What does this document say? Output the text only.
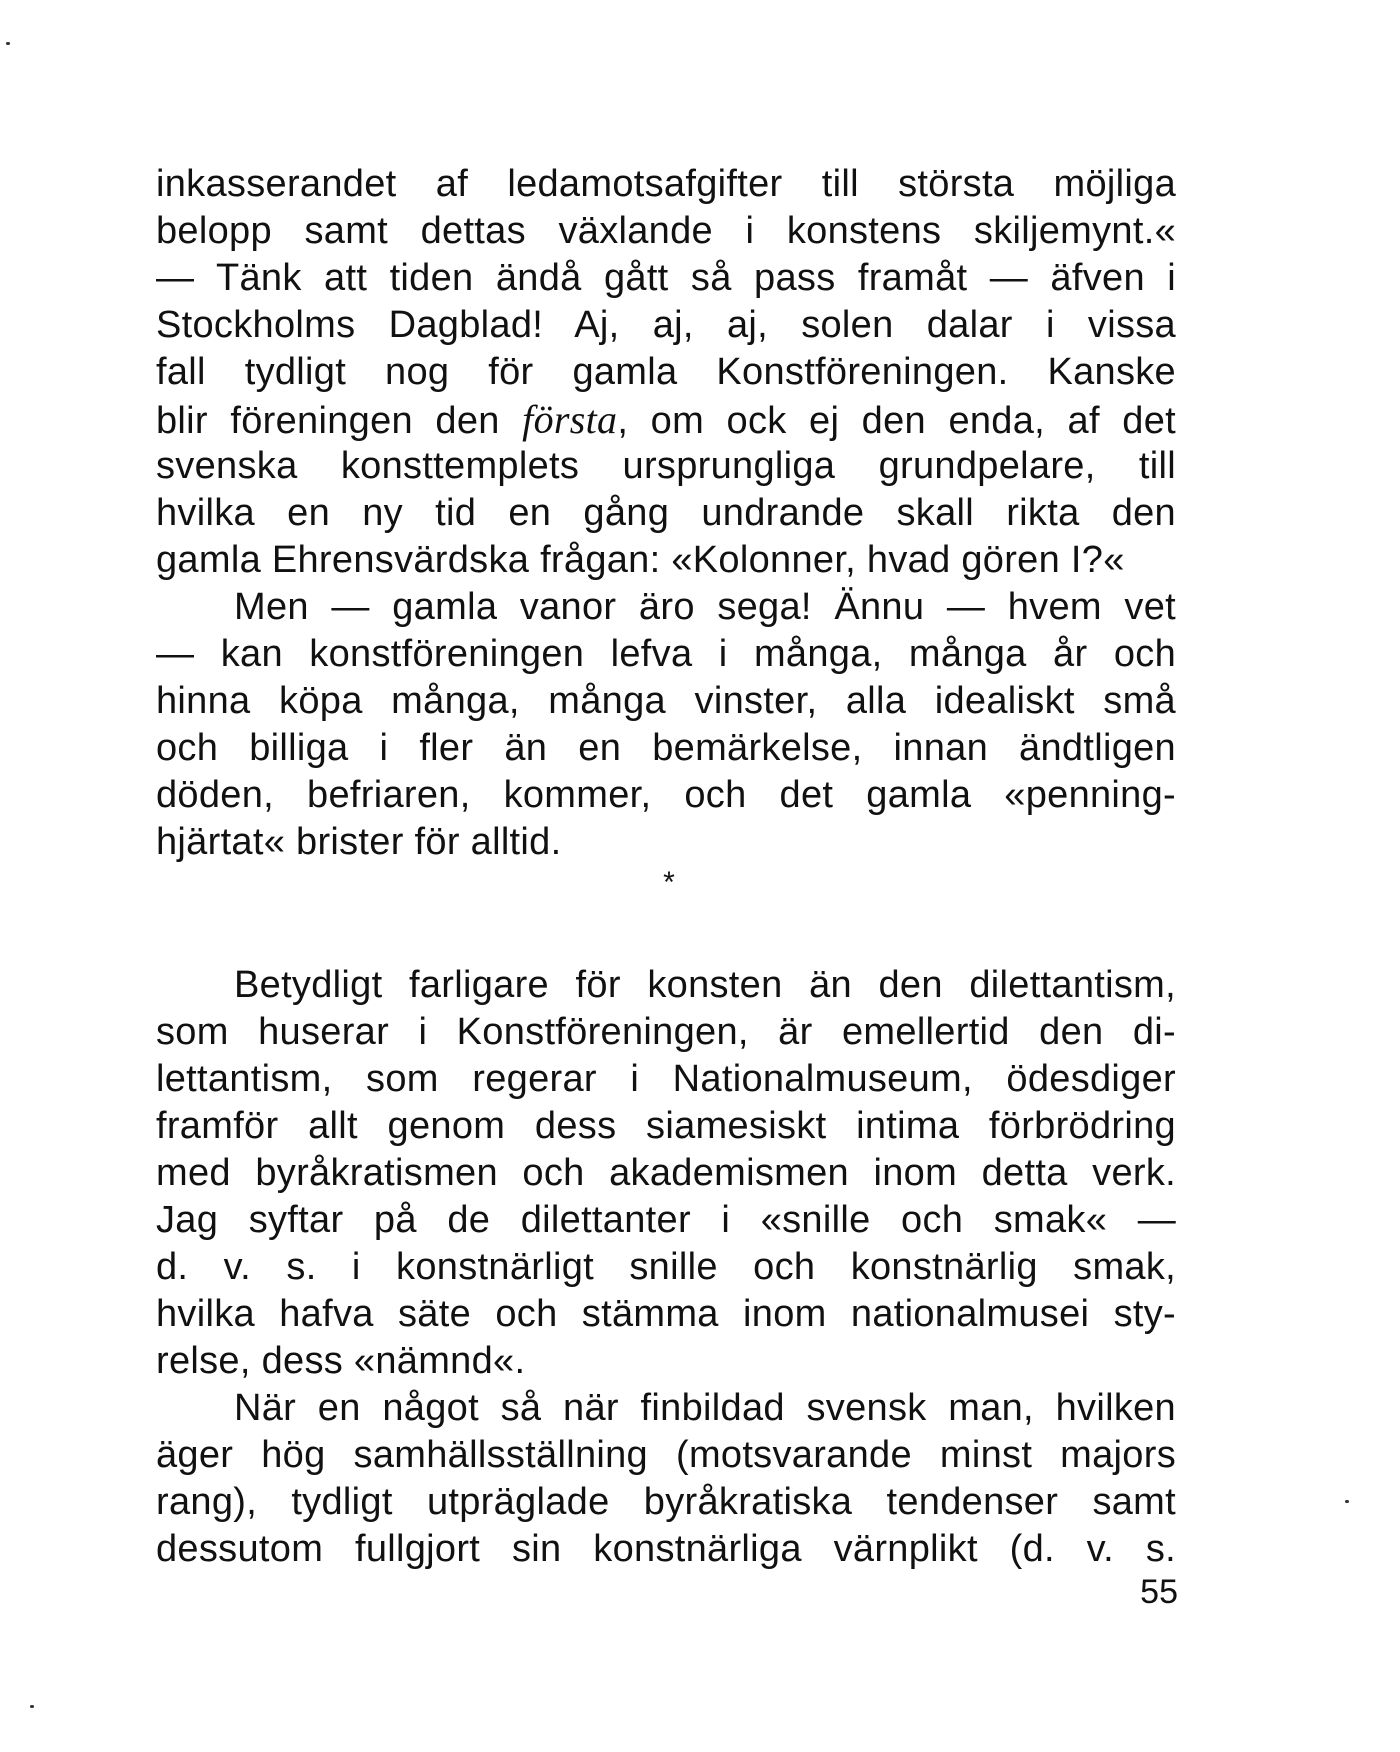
inkasserandet af ledamotsafgifter till största möjliga
belopp samt dettas växlande i konstens skiljemynt.«
— Tänk att tiden ändå gått så pass framåt — äfven i
Stockholms Dagblad! Aj, aj, aj, solen dalar i vissa
fall tydligt nog för gamla Konstföreningen. Kanske
blir föreningen den första, om ock ej den enda, af det
svenska konsttemplets ursprungliga grundpelare, till
hvilka en ny tid en gång undrande skall rikta den
gamla Ehrensvärdska frågan: «Kolonner, hvad gören I?«
Men — gamla vanor äro sega! Ännu — hvem vet
— kan konstföreningen lefva i många, många år och
hinna köpa många, många vinster, alla idealiskt små
och billiga i fler än en bemärkelse, innan ändtligen
döden, befriaren, kommer, och det gamla «penning-
hjärtat« brister för alltid.
*
Betydligt farligare för konsten än den dilettantism,
som huserar i Konstföreningen, är emellertid den di-
lettantism, som regerar i Nationalmuseum, ödesdiger
framför allt genom dess siamesiskt intima förbrödring
med byråkratismen och akademismen inom detta verk.
Jag syftar på de dilettanter i «snille och smak« —
d. v. s. i konstnärligt snille och konstnärlig smak,
hvilka hafva säte och stämma inom nationalmusei sty-
relse, dess «nämnd«.
När en något så när finbildad svensk man, hvilken
äger hög samhällsställning (motsvarande minst majors
rang), tydligt utpräglade byråkratiska tendenser samt
dessutom fullgjort sin konstnärliga värnplikt (d. v. s.
55
